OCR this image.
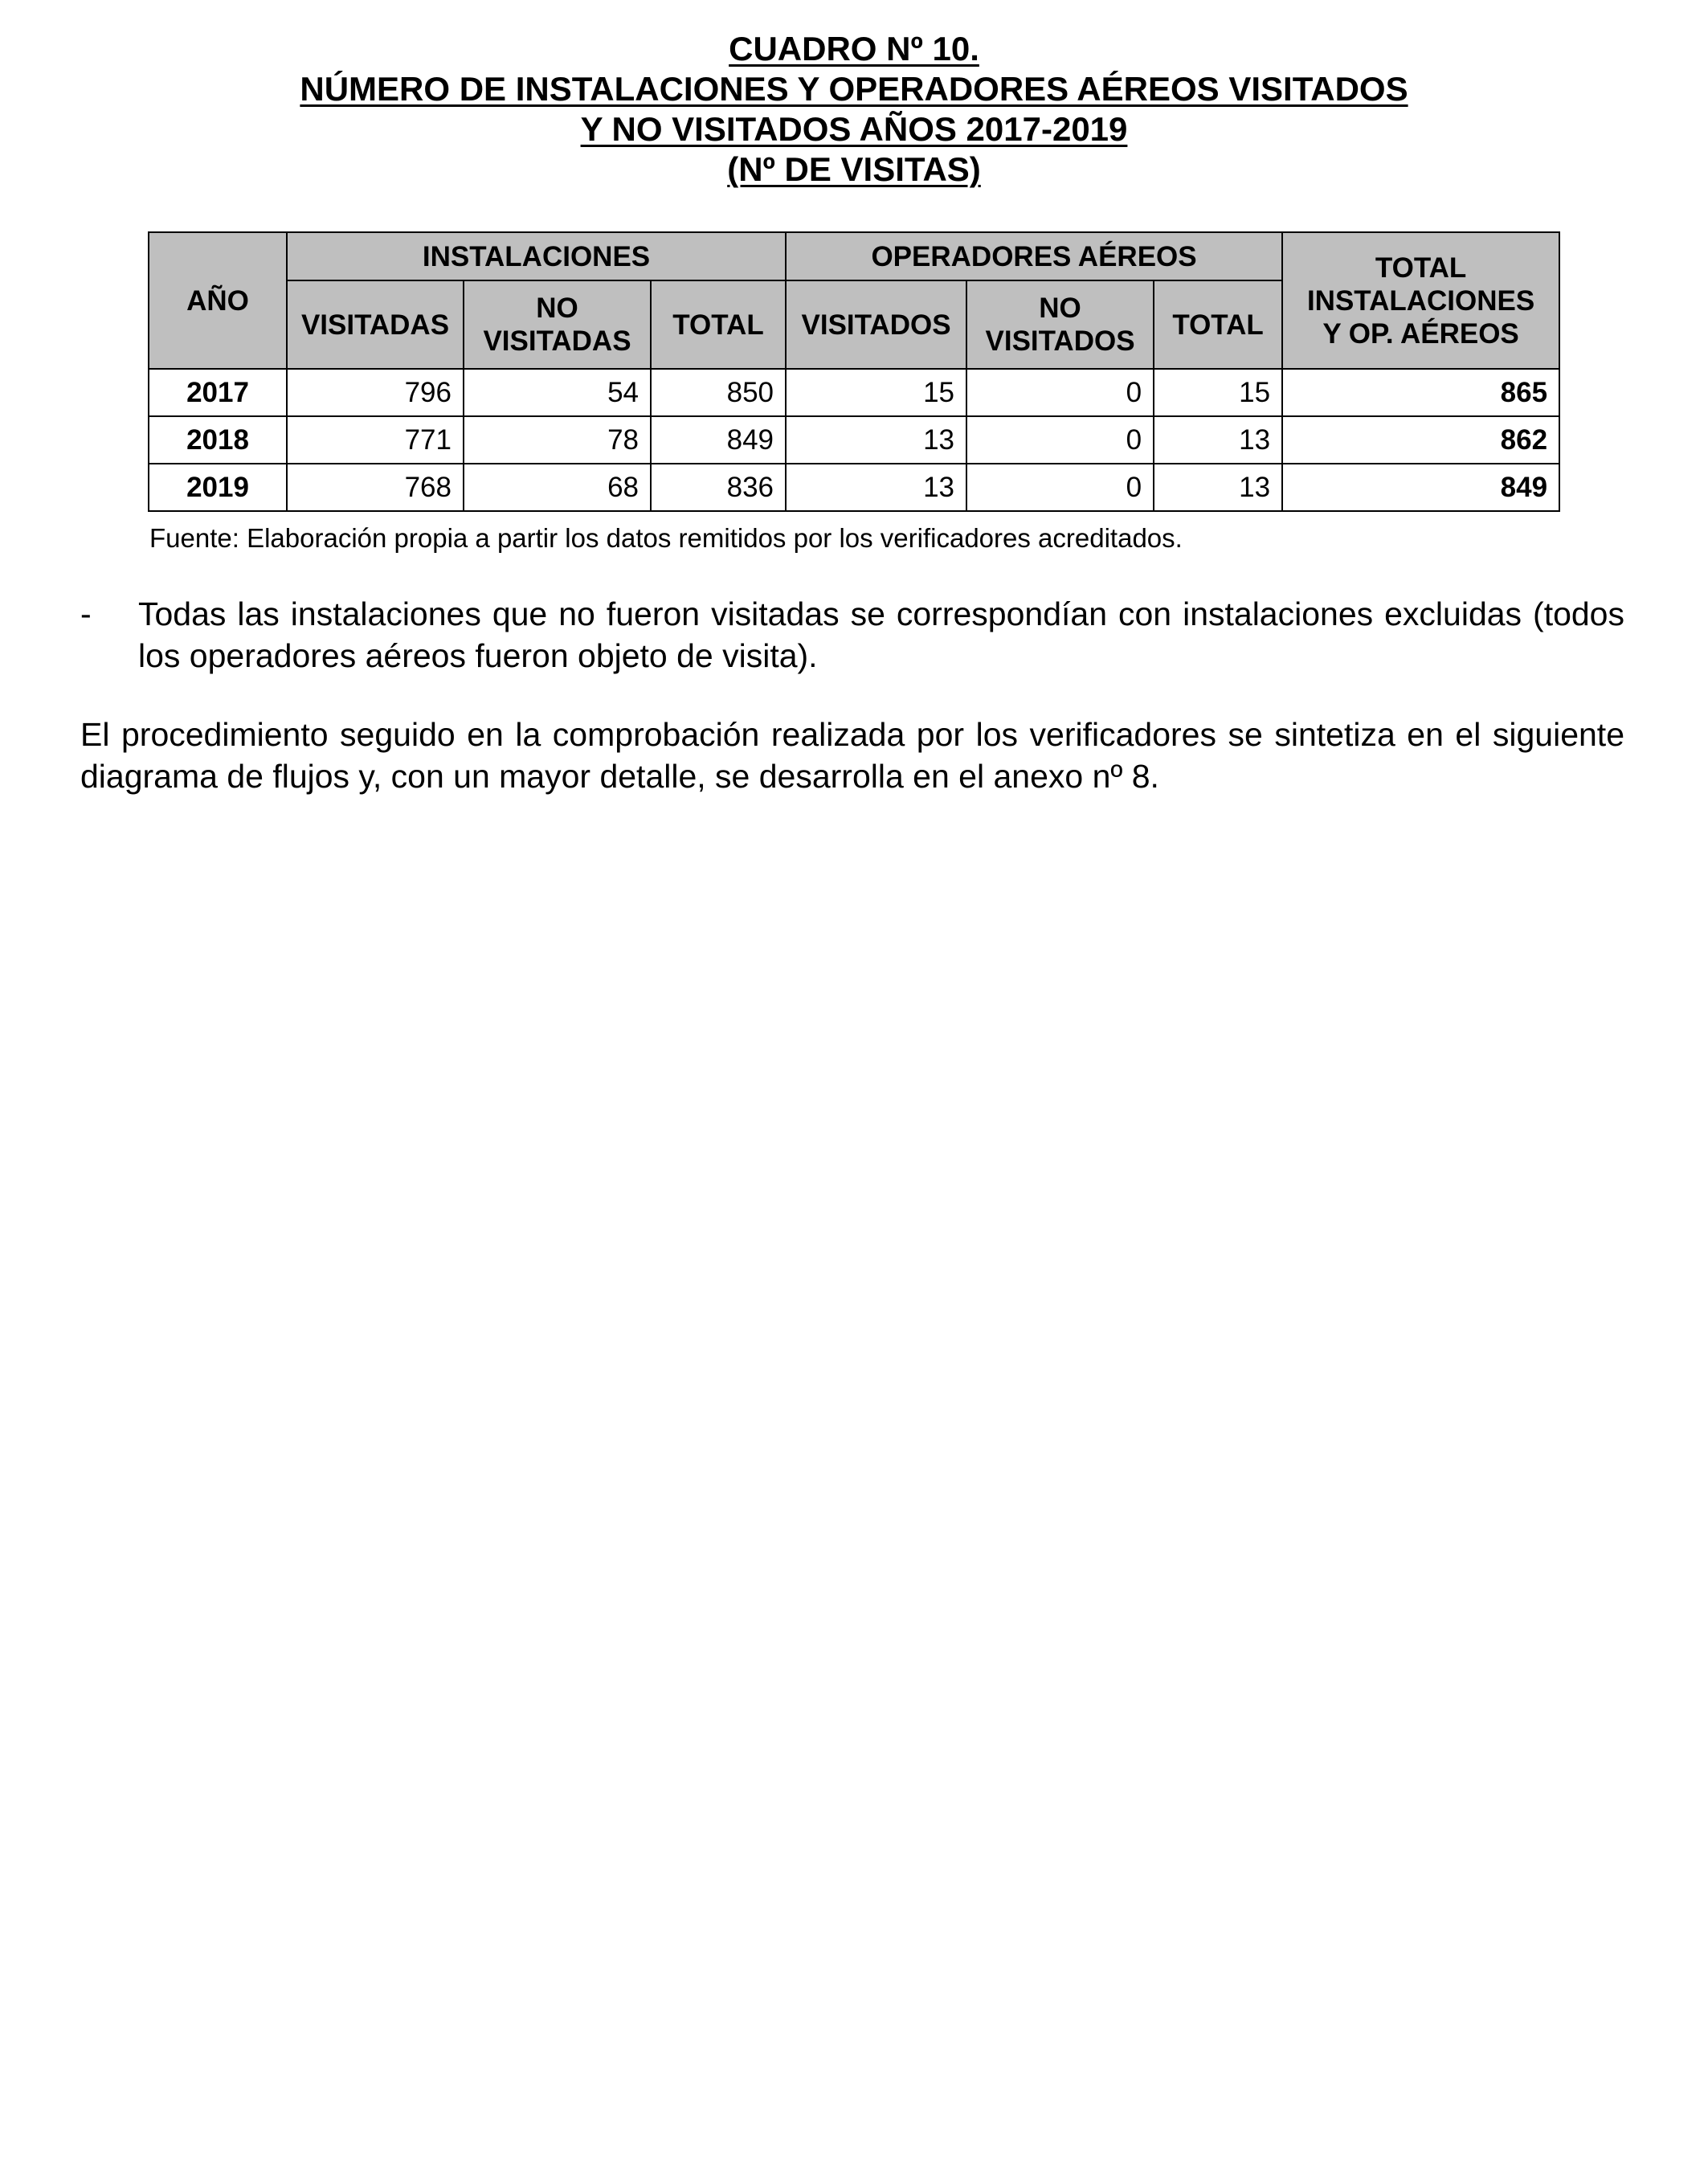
CUADRO Nº 10.
NÚMERO DE INSTALACIONES Y OPERADORES AÉREOS VISITADOS
Y NO VISITADOS AÑOS 2017-2019
(Nº DE VISITAS)
AÑO	INSTALACIONES			OPERADORES AÉREOS			TOTAL INSTALACIONES Y OP. AÉREOS
	VISITADAS	NO VISITADAS	TOTAL	VISITADOS	NO VISITADOS	TOTAL	
2017	796	54	850	15	0	15	865
2018	771	78	849	13	0	13	862
2019	768	68	836	13	0	13	849
Fuente: Elaboración propia a partir los datos remitidos por los verificadores acreditados.
- Todas las instalaciones que no fueron visitadas se correspondían con instalaciones excluidas (todos los operadores aéreos fueron objeto de visita).
El procedimiento seguido en la comprobación realizada por los verificadores se sintetiza en el siguiente diagrama de flujos y, con un mayor detalle, se desarrolla en el anexo nº 8.
